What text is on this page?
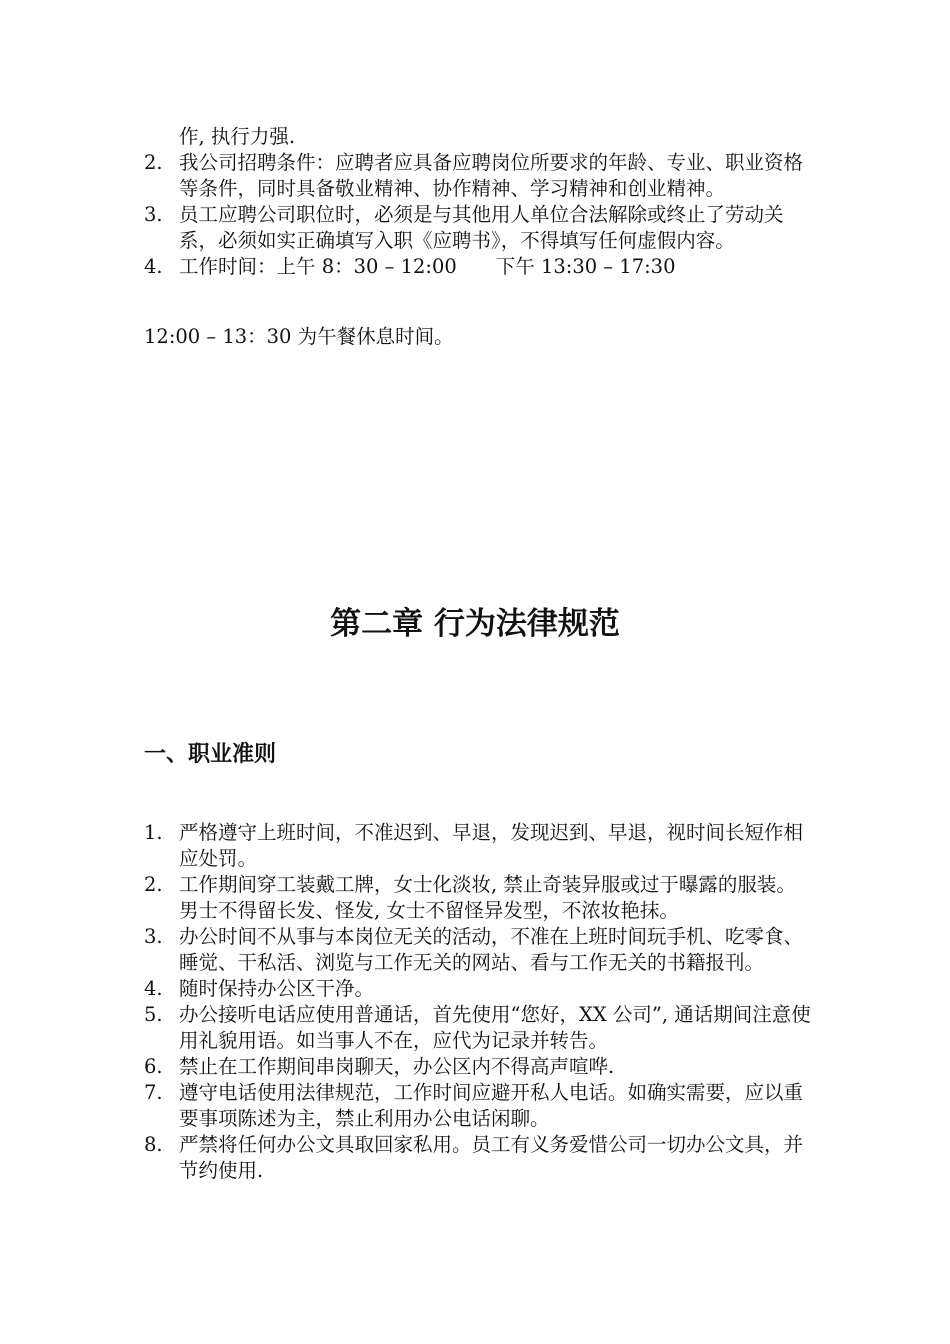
作, 执行力强.
2. 我公司招聘条件：应聘者应具备应聘岗位所要求的年龄、专业、职业资格等条件，同时具备敬业精神、协作精神、学习精神和创业精神。
3. 员工应聘公司职位时，必须是与其他用人单位合法解除或终止了劳动关系，必须如实正确填写入职《应聘书》，不得填写任何虚假内容。
4. 工作时间：上午 8：30 – 12:00　　下午 13:30 – 17:30
12:00 – 13：30 为午餐休息时间。
第二章 行为法律规范
一、职业准则
1. 严格遵守上班时间，不准迟到、早退，发现迟到、早退，视时间长短作相应处罚。
2. 工作期间穿工装戴工牌，女士化淡妆, 禁止奇装异服或过于曝露的服装。男士不得留长发、怪发, 女士不留怪异发型，不浓妆艳抹。
3. 办公时间不从事与本岗位无关的活动，不准在上班时间玩手机、吃零食、睡觉、干私活、浏览与工作无关的网站、看与工作无关的书籍报刊。
4. 随时保持办公区干净。
5. 办公接听电话应使用普通话，首先使用“您好，XX 公司”, 通话期间注意使用礼貌用语。如当事人不在，应代为记录并转告。
6. 禁止在工作期间串岗聊天，办公区内不得高声喧哗.
7. 遵守电话使用法律规范，工作时间应避开私人电话。如确实需要，应以重要事项陈述为主，禁止利用办公电话闲聊。
8. 严禁将任何办公文具取回家私用。员工有义务爱惜公司一切办公文具，并节约使用.
